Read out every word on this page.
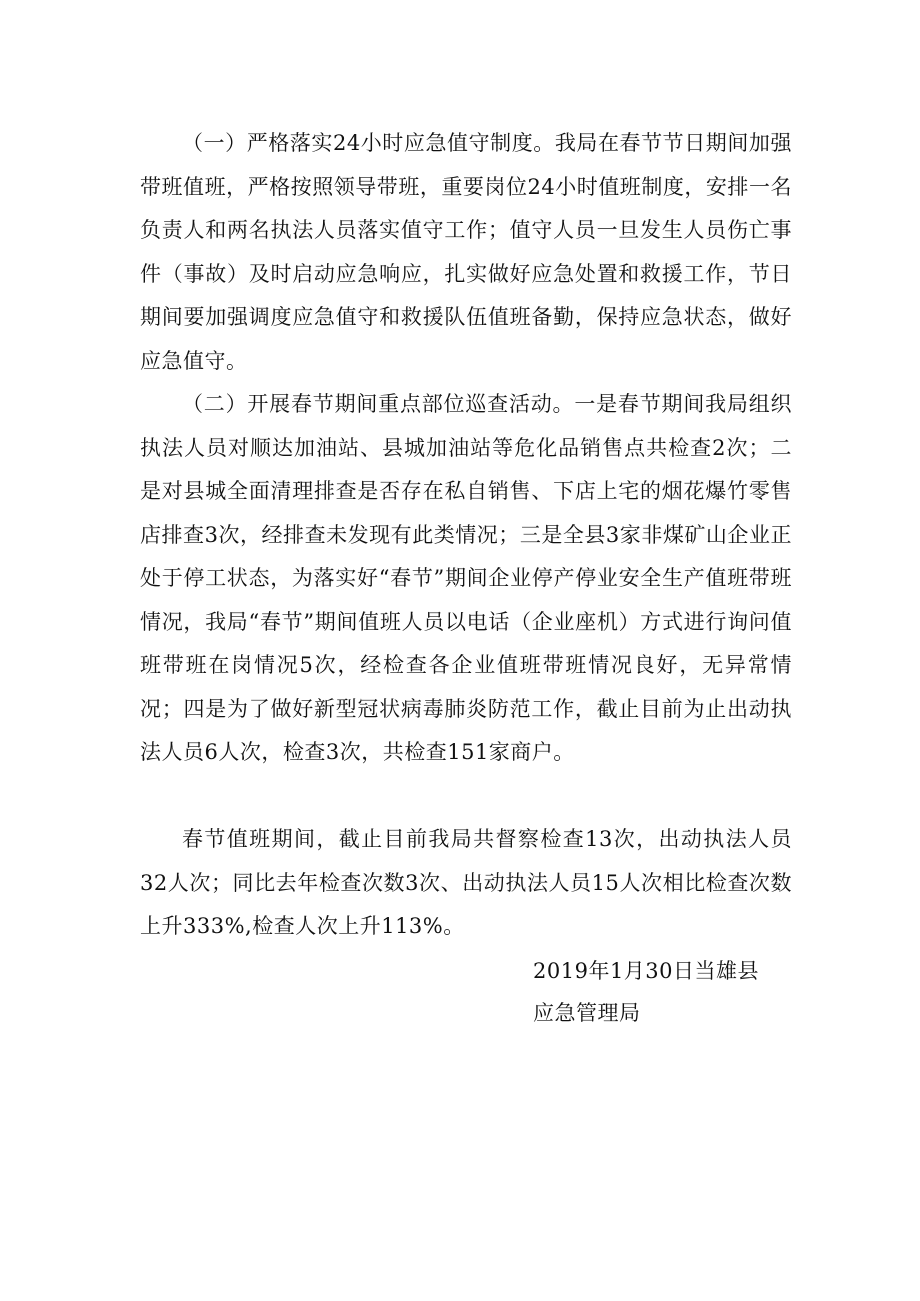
（一）严格落实24小时应急值守制度。我局在春节节日期间加强带班值班，严格按照领导带班，重要岗位24小时值班制度，安排一名负责人和两名执法人员落实值守工作；值守人员一旦发生人员伤亡事件（事故）及时启动应急响应，扎实做好应急处置和救援工作，节日期间要加强调度应急值守和救援队伍值班备勤，保持应急状态，做好应急值守。

（二）开展春节期间重点部位巡查活动。一是春节期间我局组织执法人员对顺达加油站、县城加油站等危化品销售点共检查2次；二是对县城全面清理排查是否存在私自销售、下店上宅的烟花爆竹零售店排查3次，经排查未发现有此类情况；三是全县3家非煤矿山企业正处于停工状态，为落实好“春节”期间企业停产停业安全生产值班带班情况，我局“春节”期间值班人员以电话（企业座机）方式进行询问值班带班在岗情况5次，经检查各企业值班带班情况良好，无异常情况；四是为了做好新型冠状病毒肺炎防范工作，截止目前为止出动执法人员6人次，检查3次，共检查151家商户。

春节值班期间，截止目前我局共督察检查13次，出动执法人员32人次；同比去年检查次数3次、出动执法人员15人次相比检查次数上升333%,检查人次上升113%。

2019年1月30日当雄县
应急管理局
